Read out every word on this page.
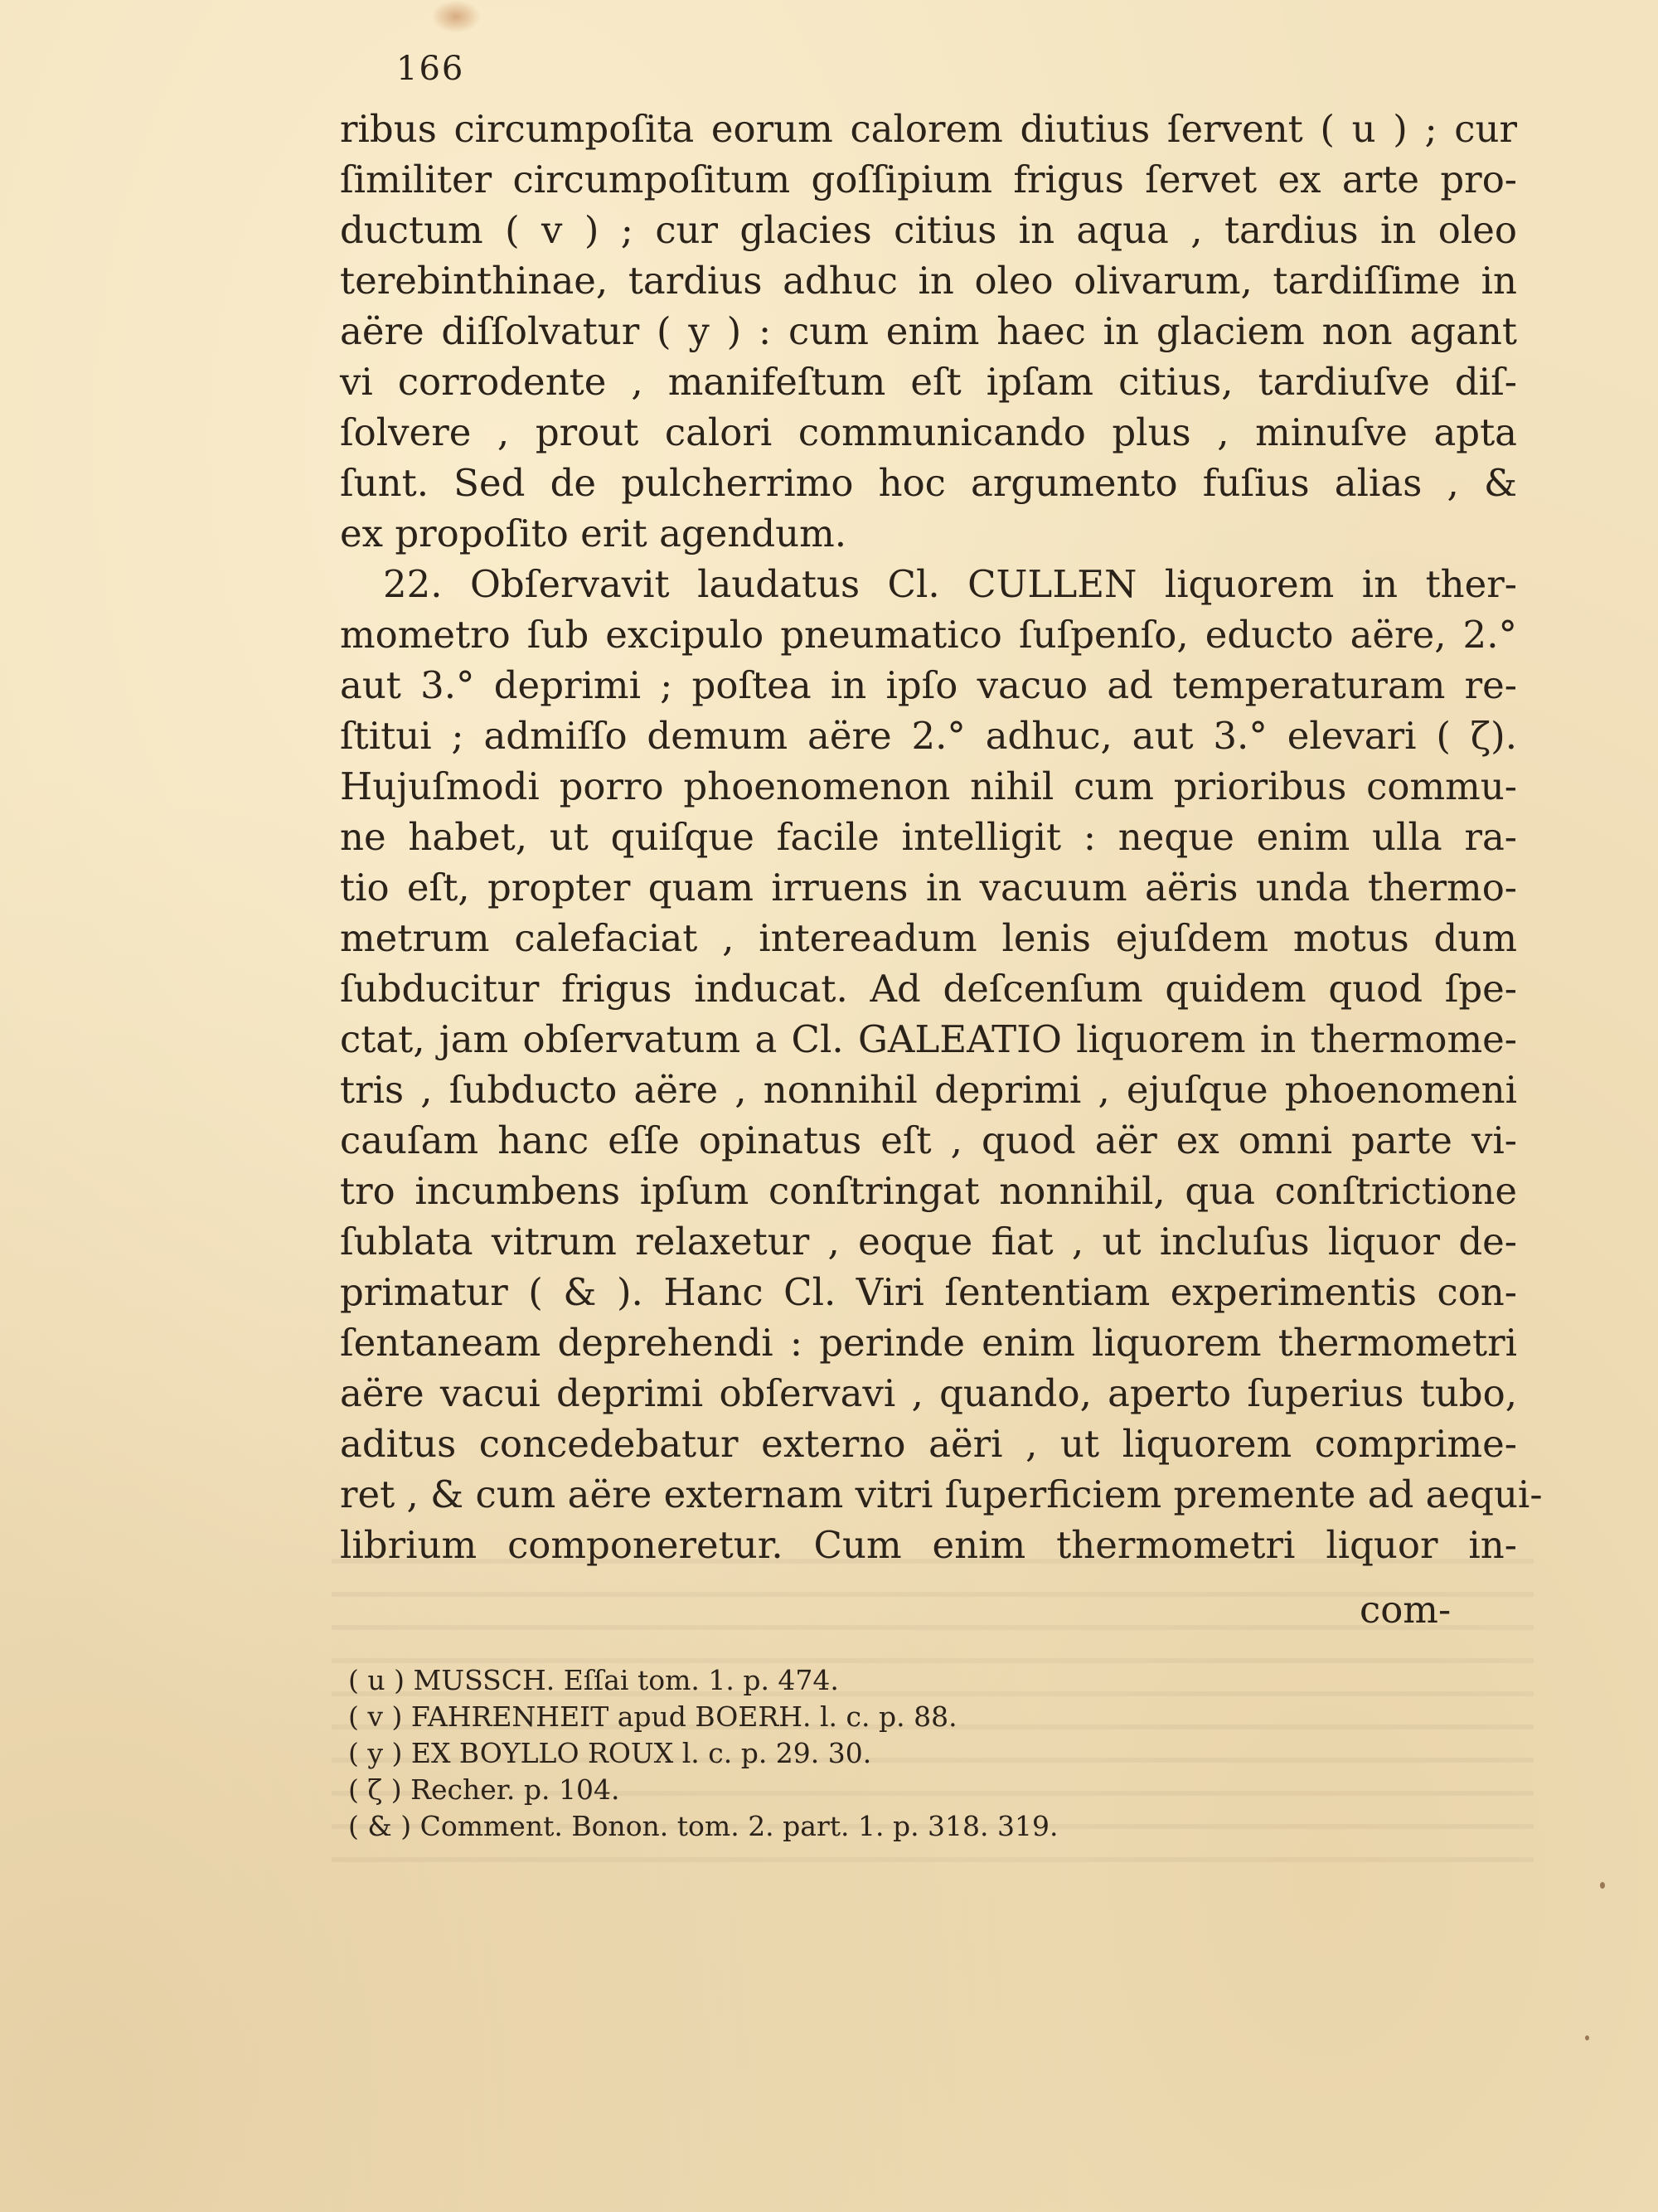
166
ribus circumpoſita eorum calorem diutius ſervent ( u ) ; cur
ſimiliter circumpoſitum goſſipium frigus ſervet ex arte pro-
ductum ( v ) ; cur glacies citius in aqua , tardius in oleo
terebinthinae, tardius adhuc in oleo olivarum, tardiſſime in
aëre diſſolvatur ( y ) : cum enim haec in glaciem non agant
vi corrodente , manifeſtum eſt ipſam citius, tardiuſve diſ-
ſolvere , prout calori communicando plus , minuſve apta
ſunt. Sed de pulcherrimo hoc argumento fuſius alias , &
ex propoſito erit agendum.
22. Obſervavit laudatus Cl. CULLEN liquorem in ther-
mometro ſub excipulo pneumatico ſuſpenſo, educto aëre, 2.°
aut 3.° deprimi ; poſtea in ipſo vacuo ad temperaturam re-
ſtitui ; admiſſo demum aëre 2.° adhuc, aut 3.° elevari ( ζ).
Hujuſmodi porro phoenomenon nihil cum prioribus commu-
ne habet, ut quiſque facile intelligit : neque enim ulla ra-
tio eſt, propter quam irruens in vacuum aëris unda thermo-
metrum calefaciat , intereadum lenis ejuſdem motus dum
ſubducitur frigus inducat. Ad deſcenſum quidem quod ſpe-
ctat, jam obſervatum a Cl. GALEATIO liquorem in thermome-
tris , ſubducto aëre , nonnihil deprimi , ejuſque phoenomeni
cauſam hanc eſſe opinatus eſt , quod aër ex omni parte vi-
tro incumbens ipſum conſtringat nonnihil, qua conſtrictione
ſublata vitrum relaxetur , eoque fiat , ut incluſus liquor de-
primatur ( & ). Hanc Cl. Viri ſententiam experimentis con-
ſentaneam deprehendi : perinde enim liquorem thermometri
aëre vacui deprimi obſervavi , quando, aperto ſuperius tubo,
aditus concedebatur externo aëri , ut liquorem comprime-
ret , & cum aëre externam vitri ſuperficiem premente ad aequi-
librium componeretur. Cum enim thermometri liquor in-
com-
( u ) MUSSCH. Eſſai tom. 1. p. 474.
( v ) FAHRENHEIT apud BOERH. l. c. p. 88.
( y ) EX BOYLLO ROUX l. c. p. 29. 30.
( ζ ) Recher. p. 104.
( & ) Comment. Bonon. tom. 2. part. 1. p. 318. 319.
